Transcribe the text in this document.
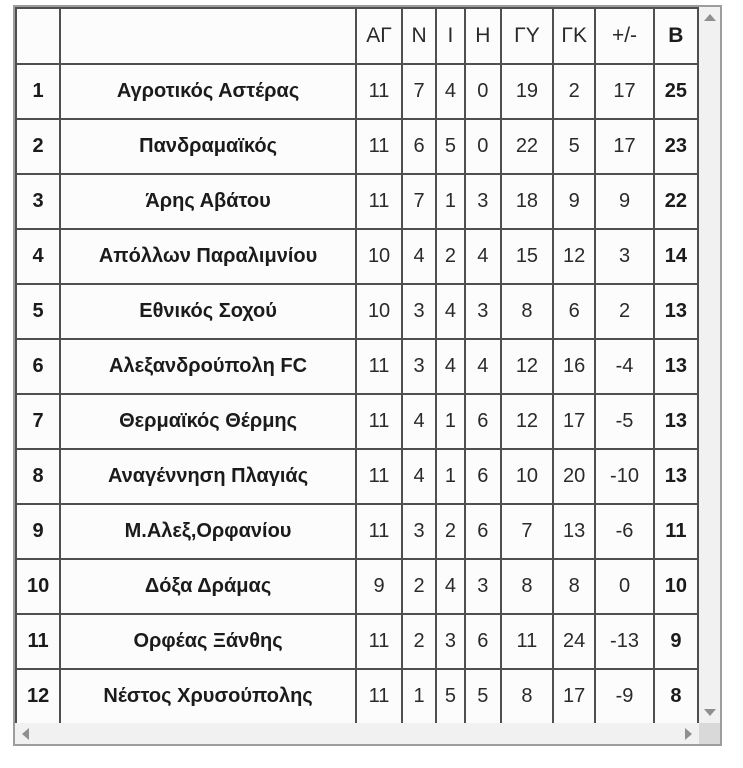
		ΑΓ	Ν	Ι	Η	ΓΥ	ΓΚ	+/-	Β
1	Αγροτικός Αστέρας	11	7	4	0	19	2	17	25
2	Πανδραμαϊκός	11	6	5	0	22	5	17	23
3	Άρης Αβάτου	11	7	1	3	18	9	9	22
4	Απόλλων Παραλιμνίου	10	4	2	4	15	12	3	14
5	Εθνικός Σοχού	10	3	4	3	8	6	2	13
6	Αλεξανδρούπολη FC	11	3	4	4	12	16	-4	13
7	Θερμαϊκός Θέρμης	11	4	1	6	12	17	-5	13
8	Αναγέννηση Πλαγιάς	11	4	1	6	10	20	-10	13
9	Μ.Αλεξ,Ορφανίου	11	3	2	6	7	13	-6	11
10	Δόξα Δράμας	9	2	4	3	8	8	0	10
11	Ορφέας Ξάνθης	11	2	3	6	11	24	-13	9
12	Νέστος Χρυσούπολης	11	1	5	5	8	17	-9	8
